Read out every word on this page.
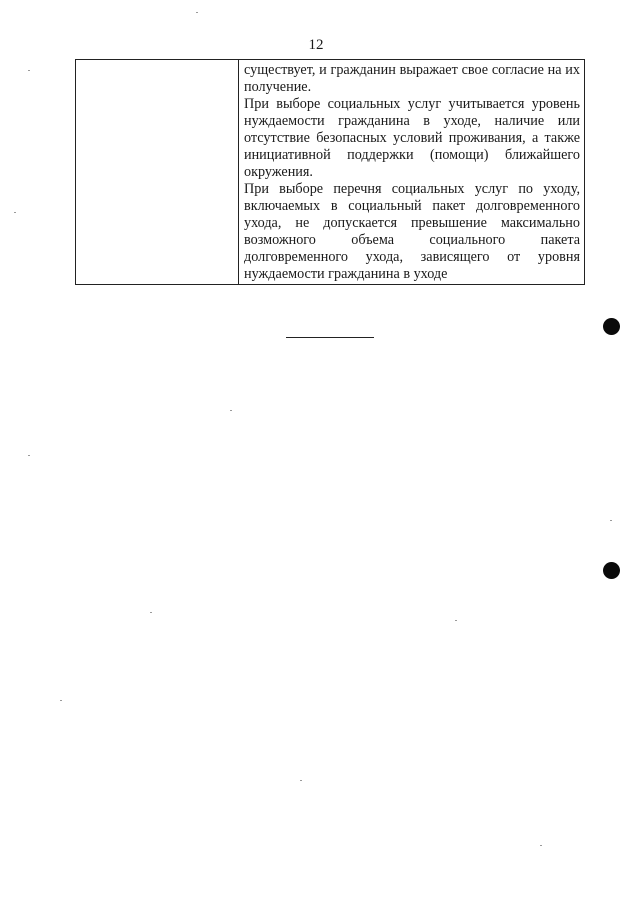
12

существует, и гражданин выражает свое согласие на их получение.

При выборе социальных услуг учитывается уровень нуждаемости гражданина в уходе, наличие или отсутствие безопасных условий проживания, а также инициативной поддержки (помощи) ближайшего окружения.

При выборе перечня социальных услуг по уходу, включаемых в социальный пакет долговременного ухода, не допускается превышение максимально возможного объема социального пакета долговременного ухода, зависящего от уровня нуждаемости гражданина в уходе
